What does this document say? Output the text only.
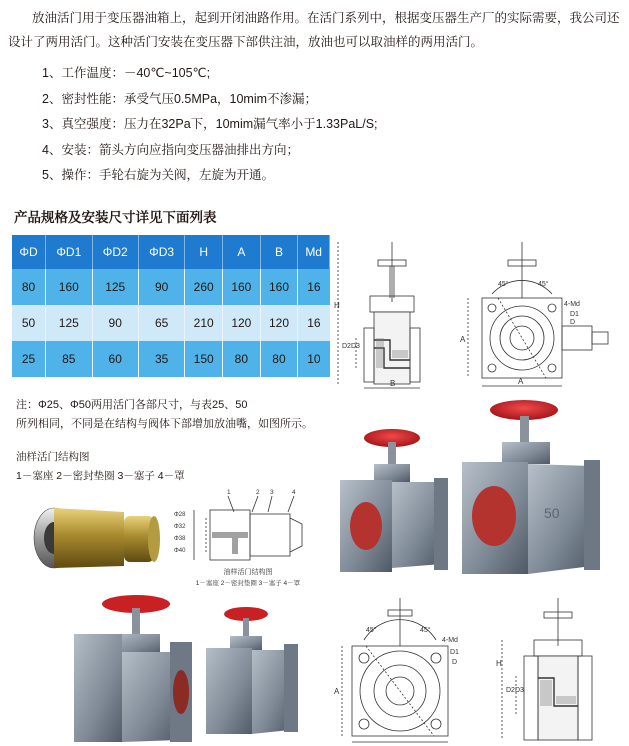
放油活门用于变压器油箱上，起到开闭油路作用。在活门系列中，根据变压器生产厂的实际需要，我公司还设计了两用活门。这种活门安装在变压器下部供注油，放油也可以取油样的两用活门。
1、工作温度：－40℃~105℃;
2、密封性能：承受气压0.5MPa，10mim不渗漏；
3、真空强度：压力在32Pa下，10mim漏气率小于1.33PaL/S;
4、安装：箭头方向应指向变压器油排出方向；
5、操作：手轮右旋为关阀，左旋为开通。
产品规格及安装尺寸详见下面列表
ΦD	ΦD1	ΦD2	ΦD3	H	A	B	Md
80	160	125	90	260	160	160	16
50	125	90	65	210	120	120	16
25	85	60	35	150	80	80	10
注：Φ25、Φ50两用活门各部尺寸，与表25、50
所列相同，不同是在结构与阀体下部增加放油嘴，如图所示。
油样活门结构图
1－塞座 2－密封垫圈 3－塞子 4－罩
H
D2D3
B
45°	45°
4-Md
D1
D
A
A
1	2 3	4
Φ28
Φ32
Φ38
Φ40
油样活门结构图
1－塞座 2－密封垫圈 3－塞子 4－罩
50
45°	45°
4-Md
D1
D
A
H
D2D3
